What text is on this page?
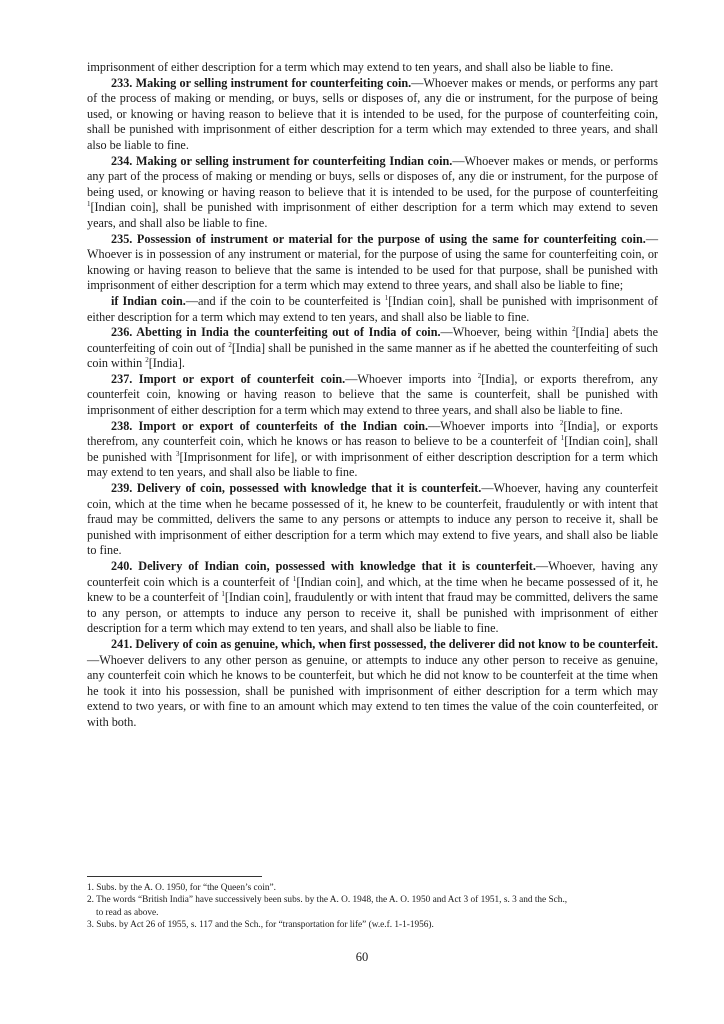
imprisonment of either description for a term which may extend to ten years, and shall also be liable to fine.

233. Making or selling instrument for counterfeiting coin.—Whoever makes or mends, or performs any part of the process of making or mending, or buys, sells or disposes of, any die or instrument, for the purpose of being used, or knowing or having reason to believe that it is intended to be used, for the purpose of counterfeiting coin, shall be punished with imprisonment of either description for a term which may extended to three years, and shall also be liable to fine.

234. Making or selling instrument for counterfeiting Indian coin.—Whoever makes or mends, or performs any part of the process of making or mending or buys, sells or disposes of, any die or instrument, for the purpose of being used, or knowing or having reason to believe that it is intended to be used, for the purpose of counterfeiting $^1$[Indian coin], shall be punished with imprisonment of either description for a term which may extend to seven years, and shall also be liable to fine.

235. Possession of instrument or material for the purpose of using the same for counterfeiting coin.—Whoever is in possession of any instrument or material, for the purpose of using the same for counterfeiting coin, or knowing or having reason to believe that the same is intended to be used for that purpose, shall be punished with imprisonment of either description for a term which may extend to three years, and shall also be liable to fine;

if Indian coin.—and if the coin to be counterfeited is $^1$[Indian coin], shall be punished with imprisonment of either description for a term which may extend to ten years, and shall also be liable to fine.

236. Abetting in India the counterfeiting out of India of coin.—Whoever, being within $^2$[India] abets the counterfeiting of coin out of $^2$[India] shall be punished in the same manner as if he abetted the counterfeiting of such coin within $^2$[India].

237. Import or export of counterfeit coin.—Whoever imports into $^2$[India], or exports therefrom, any counterfeit coin, knowing or having reason to believe that the same is counterfeit, shall be punished with imprisonment of either description for a term which may extend to three years, and shall also be liable to fine.

238. Import or export of counterfeits of the Indian coin.—Whoever imports into $^2$[India], or exports therefrom, any counterfeit coin, which he knows or has reason to believe to be a counterfeit of $^1$[Indian coin], shall be punished with $^3$[Imprisonment for life], or with imprisonment of either description description for a term which may extend to ten years, and shall also be liable to fine.

239. Delivery of coin, possessed with knowledge that it is counterfeit.—Whoever, having any counterfeit coin, which at the time when he became possessed of it, he knew to be counterfeit, fraudulently or with intent that fraud may be committed, delivers the same to any persons or attempts to induce any person to receive it, shall be punished with imprisonment of either description for a term which may extend to five years, and shall also be liable to fine.

240. Delivery of Indian coin, possessed with knowledge that it is counterfeit.—Whoever, having any counterfeit coin which is a counterfeit of $^1$[Indian coin], and which, at the time when he became possessed of it, he knew to be a counterfeit of $^1$[Indian coin], fraudulently or with intent that fraud may be committed, delivers the same to any person, or attempts to induce any person to receive it, shall be punished with imprisonment of either description for a term which may extend to ten years, and shall also be liable to fine.

241. Delivery of coin as genuine, which, when first possessed, the deliverer did not know to be counterfeit.—Whoever delivers to any other person as genuine, or attempts to induce any other person to receive as genuine, any counterfeit coin which he knows to be counterfeit, but which he did not know to be counterfeit at the time when he took it into his possession, shall be punished with imprisonment of either description for a term which may extend to two years, or with fine to an amount which may extend to ten times the value of the coin counterfeited, or with both.

1. Subs. by the A. O. 1950, for “the Queen’s coin”.

2. The words “British India” have successively been subs. by the A. O. 1948, the A. O. 1950 and Act 3 of 1951, s. 3 and the Sch.,
to read as above.

3. Subs. by Act 26 of 1955, s. 117 and the Sch., for “transportation for life” (w.e.f. 1-1-1956).

60
